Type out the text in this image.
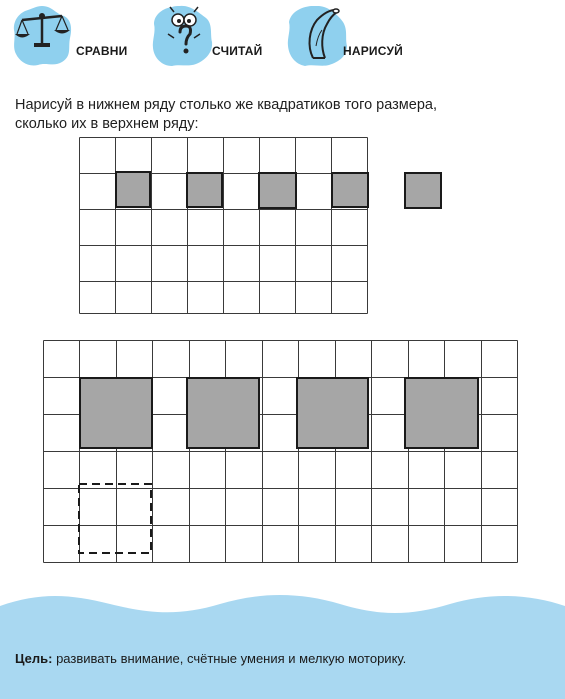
СРАВНИ	СЧИТАЙ	НАРИСУЙ
Нарисуй в нижнем ряду столько же квадратиков того размера,
сколько их в верхнем ряду:
Цель: развивать внимание, счётные умения и мелкую моторику.
